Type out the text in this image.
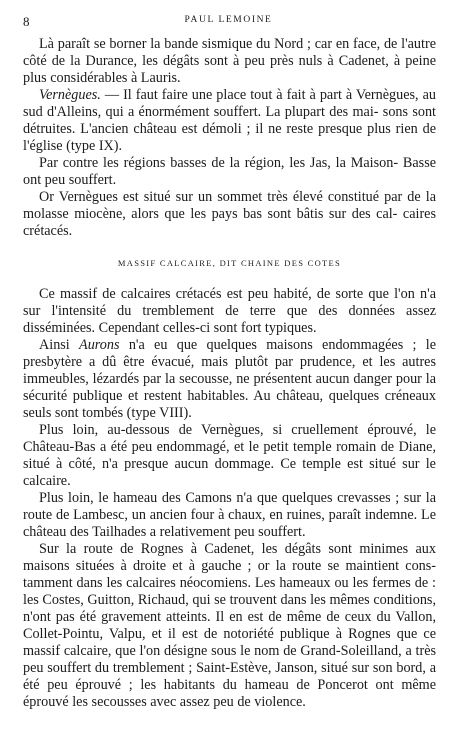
8	PAUL LEMOINE

Là paraît se borner la bande sismique du Nord ; car en face, de l'autre côté de la Durance, les dégâts sont à peu près nuls à Cadenet, à peine plus considérables à Lauris.

Vernègues. — Il faut faire une place tout à fait à part à Vernègues, au sud d'Alleins, qui a énormément souffert. La plupart des mai- sons sont détruites. L'ancien château est démoli ; il ne reste presque plus rien de l'église (type IX).

Par contre les régions basses de la région, les Jas, la Maison- Basse ont peu souffert.

Or Vernègues est situé sur un sommet très élevé constitué par de la molasse miocène, alors que les pays bas sont bâtis sur des cal- caires crétacés.

MASSIF CALCAIRE, DIT CHAINE DES COTES

Ce massif de calcaires crétacés est peu habité, de sorte que l'on n'a sur l'intensité du tremblement de terre que des données assez disséminées. Cependant celles-ci sont fort typiques.

Ainsi Aurons n'a eu que quelques maisons endommagées ; le presbytère a dû être évacué, mais plutôt par prudence, et les autres immeubles, lézardés par la secousse, ne présentent aucun danger pour la sécurité publique et restent habitables. Au château, quelques créneaux seuls sont tombés (type VIII).

Plus loin, au-dessous de Vernègues, si cruellement éprouvé, le Château-Bas a été peu endommagé, et le petit temple romain de Diane, situé à côté, n'a presque aucun dommage. Ce temple est situé sur le calcaire.

Plus loin, le hameau des Camons n'a que quelques crevasses ; sur la route de Lambesc, un ancien four à chaux, en ruines, paraît indemne. Le château des Tailhades a relativement peu souffert.

Sur la route de Rognes à Cadenet, les dégâts sont minimes aux maisons situées à droite et à gauche ; or la route se maintient cons- tamment dans les calcaires néocomiens. Les hameaux ou les fermes de : les Costes, Guitton, Richaud, qui se trouvent dans les mêmes conditions, n'ont pas été gravement atteints. Il en est de même de ceux du Vallon, Collet-Pointu, Valpu, et il est de notoriété publique à Rognes que ce massif calcaire, que l'on désigne sous le nom de Grand-Soleilland, a très peu souffert du tremblement ; Saint-Estève, Janson, situé sur son bord, a été peu éprouvé ; les habitants du hameau de Poncerot ont même éprouvé les secousses avec assez peu de violence.
